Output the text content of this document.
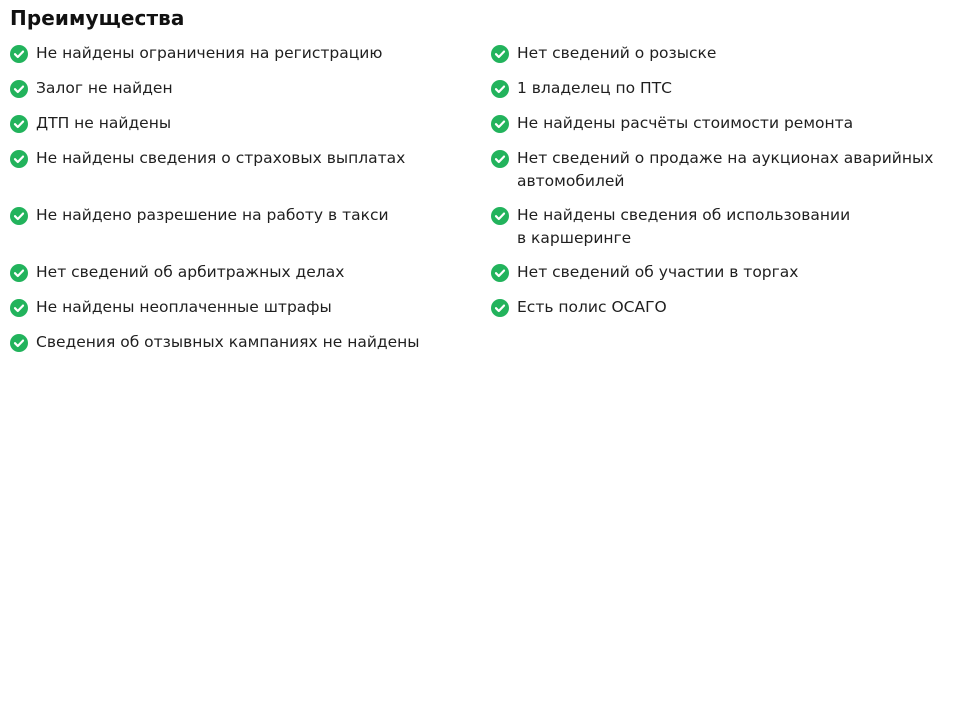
Преимущества
Не найдены ограничения на регистрацию
Залог не найден
ДТП не найдены
Не найдены сведения о страховых выплатах
Не найдено разрешение на работу в такси
Нет сведений об арбитражных делах
Не найдены неоплаченные штрафы
Сведения об отзывных кампаниях не найдены
Нет сведений о розыске
1 владелец по ПТС
Не найдены расчёты стоимости ремонта
Нет сведений о продаже на аукционах аварийных
автомобилей
Не найдены сведения об использовании
в каршеринге
Нет сведений об участии в торгах
Есть полис ОСАГО
